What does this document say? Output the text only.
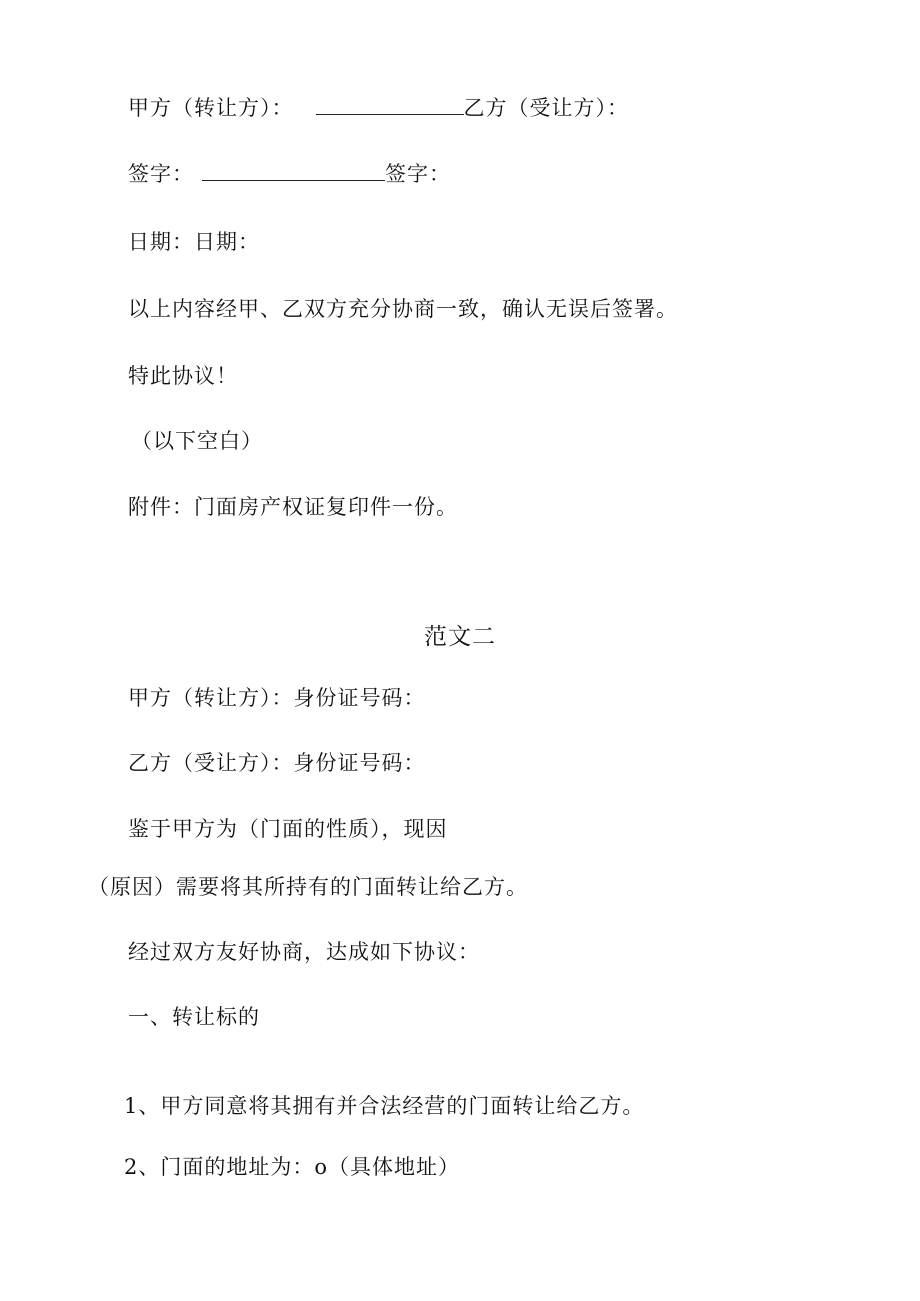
甲方（转让方）：	乙方（受让方）：
签字：	签字：
日期：日期：
以上内容经甲、乙双方充分协商一致，确认无误后签署。
特此协议！
（以下空白）
附件：门面房产权证复印件一份。
范文二
甲方（转让方）：身份证号码：
乙方（受让方）：身份证号码：
鉴于甲方为（门面的性质），现因
（原因）需要将其所持有的门面转让给乙方。
经过双方友好协商，达成如下协议：
一、转让标的
1、甲方同意将其拥有并合法经营的门面转让给乙方。
2、门面的地址为：o（具体地址）
